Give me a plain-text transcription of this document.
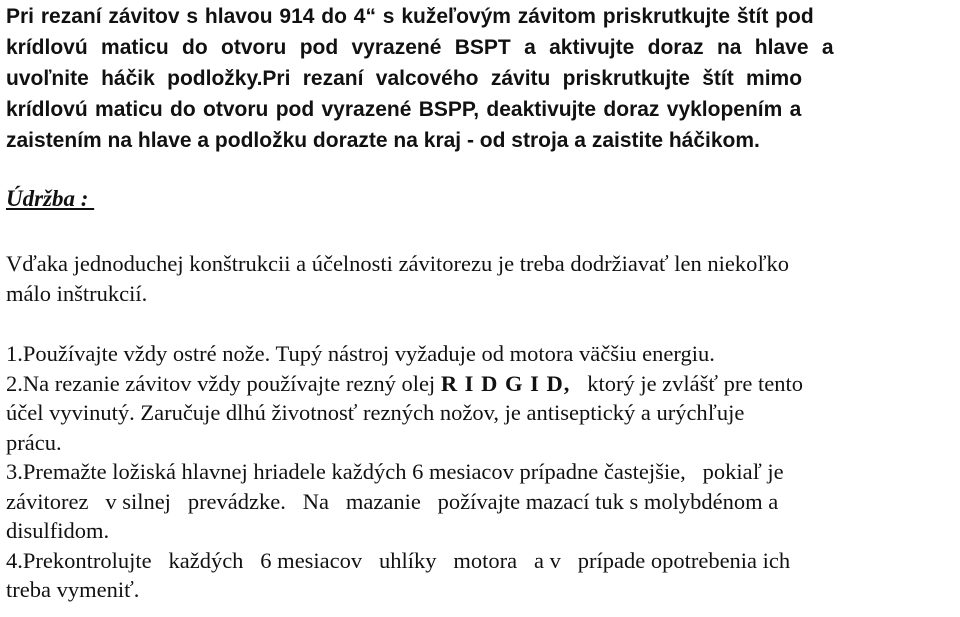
Pri rezaní závitov s hlavou 914 do 4“ s kužeľovým závitom priskrutkujte štít pod
krídlovú maticu do otvoru pod vyrazené BSPT a aktivujte doraz na hlave a
uvoľnite háčik podložky.Pri rezaní valcového závitu priskrutkujte štít mimo
krídlovú maticu do otvoru pod vyrazené BSPP, deaktivujte doraz vyklopením a
zaistením na hlave a podložku dorazte na kraj - od stroja a zaistite háčikom.

Údržba :

Vďaka jednoduchej konštrukcii a účelnosti závitorezu je treba dodržiavať len niekoľko
málo inštrukcií.
1.Používajte vždy ostré nože. Tupý nástroj vyžaduje od motora väčšiu energiu.
2.Na rezanie závitov vždy používajte rezný olej R I D G I D,   ktorý je zvlášť pre tento
účel vyvinutý. Zaručuje dlhú životnosť rezných nožov, je antiseptický a urýchľuje
prácu.
3.Premažte ložiská hlavnej hriadele každých 6 mesiacov prípadne častejšie,   pokiaľ je
závitorez   v silnej   prevádzke.   Na   mazanie   požívajte mazací tuk s molybdénom a
disulfidom.
4.Prekontrolujte   každých   6 mesiacov   uhlíky   motora   a v   prípade opotrebenia ich
treba vymeniť.
